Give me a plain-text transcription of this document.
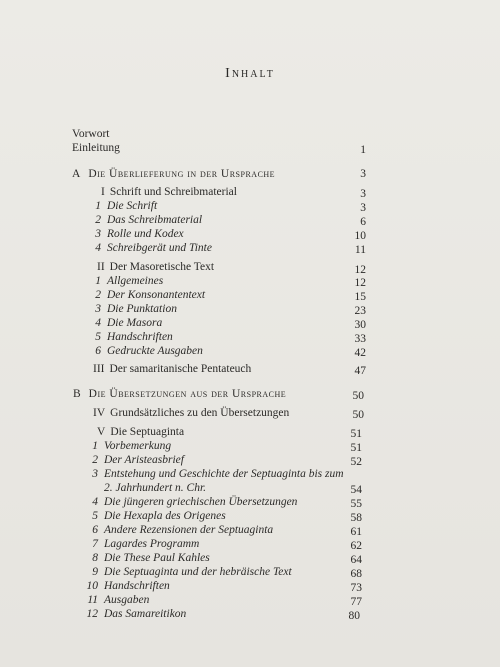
Inhalt
Vorwort
Einleitung	1
A Die Überlieferung in der Ursprache	3
I Schrift und Schreibmaterial	3
1 Die Schrift	3
2 Das Schreibmaterial	6
3 Rolle und Kodex	10
4 Schreibgerät und Tinte	11
II Der Masoretische Text	12
1 Allgemeines	12
2 Der Konsonantentext	15
3 Die Punktation	23
4 Die Masora	30
5 Handschriften	33
6 Gedruckte Ausgaben	42
III Der samaritanische Pentateuch	47
B Die Übersetzungen aus der Ursprache	50
IV Grundsätzliches zu den Übersetzungen	50
V Die Septuaginta	51
1 Vorbemerkung	51
2 Der Aristeasbrief	52
3 Entstehung und Geschichte der Septuaginta bis zum
2. Jahrhundert n. Chr.	54
4 Die jüngeren griechischen Übersetzungen	55
5 Die Hexapla des Origenes	58
6 Andere Rezensionen der Septuaginta	61
7 Lagardes Programm	62
8 Die These Paul Kahles	64
9 Die Septuaginta und der hebräische Text	68
10 Handschriften	73
11 Ausgaben	77
12 Das Samareitikon	80
